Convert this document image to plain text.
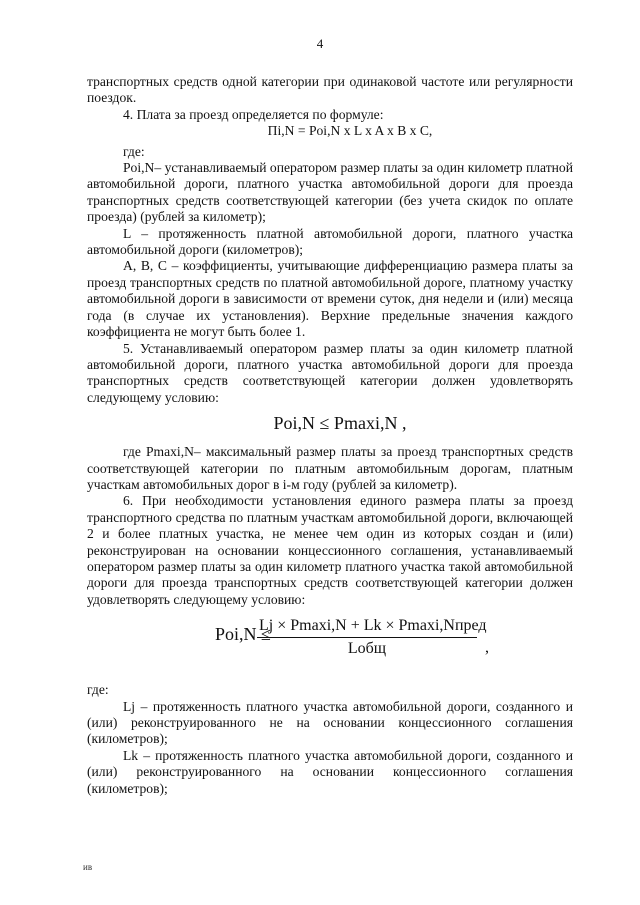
4

транспортных средств одной категории при одинаковой частоте или регулярности поездок.

4. Плата за проезд определяется по формуле:

Пi,N = Poi,N x L x A x B x C,

где:

Poi,N– устанавливаемый оператором размер платы за один километр платной автомобильной дороги, платного участка автомобильной дороги для проезда транспортных средств соответствующей категории (без учета скидок по оплате проезда) (рублей за километр);

L – протяженность платной автомобильной дороги, платного участка автомобильной дороги (километров);

A, B, C – коэффициенты, учитывающие дифференциацию размера платы за проезд транспортных средств по платной автомобильной дороге, платному участку автомобильной дороги в зависимости от времени суток, дня недели и (или) месяца года (в случае их установления). Верхние предельные значения каждого коэффициента не могут быть более 1.

5. Устанавливаемый оператором размер платы за один километр платной автомобильной дороги, платного участка автомобильной дороги для проезда транспортных средств соответствующей категории должен удовлетворять следующему условию:

Poi,N ≤ Pmaxi,N ,

где Pmaxi,N– максимальный размер платы за проезд транспортных средств соответствующей категории по платным автомобильным дорогам, платным участкам автомобильных дорог в i-м году (рублей за километр).

6. При необходимости установления единого размера платы за проезд транспортного средства по платным участкам автомобильной дороги, включающей 2 и более платных участка, не менее чем один из которых создан и (или) реконструирован на основании концессионного соглашения, устанавливаемый оператором размер платы за один километр платного участка такой автомобильной дороги для проезда транспортных средств соответствующей категории должен удовлетворять следующему условию:

Poi,N ≤
Lj × Pmaxi,N + Lk × Pmaxi,Nпред
Lобщ	,

где:

Lj – протяженность платного участка автомобильной дороги, созданного и (или) реконструированного не на основании концессионного соглашения (километров);

Lk – протяженность платного участка автомобильной дороги, созданного и (или) реконструированного на основании концессионного соглашения (километров);

ив
